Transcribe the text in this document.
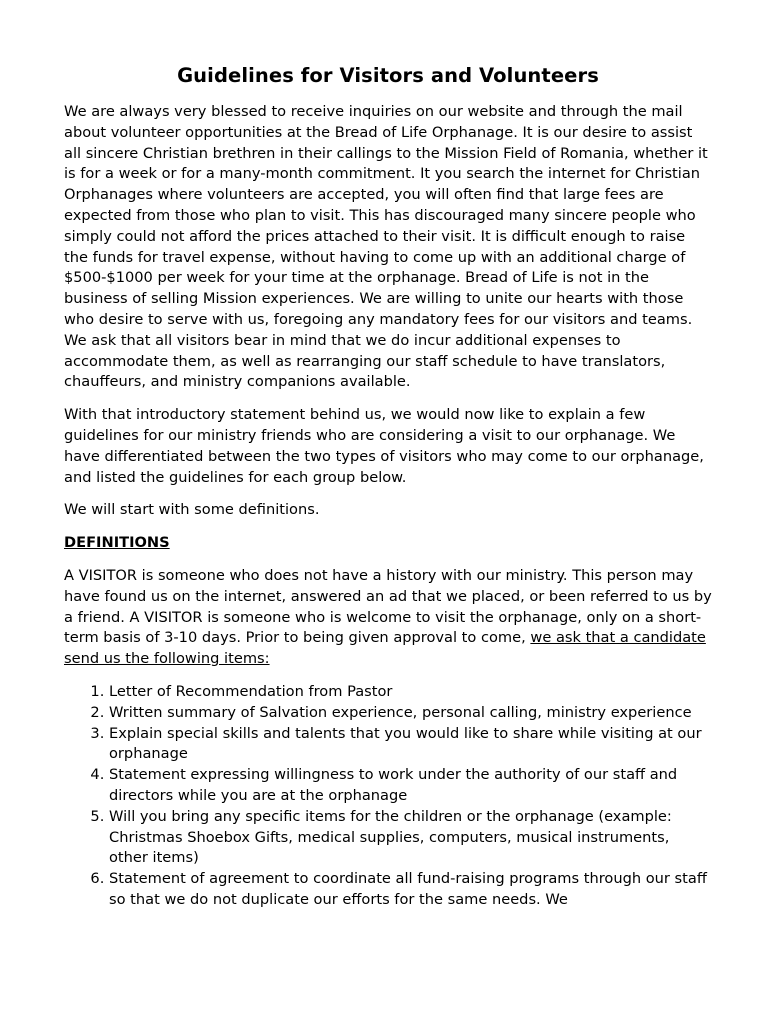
Guidelines for Visitors and Volunteers

We are always very blessed to receive inquiries on our website and through the mail about volunteer opportunities at the Bread of Life Orphanage. It is our desire to assist all sincere Christian brethren in their callings to the Mission Field of Romania, whether it is for a week or for a many-month commitment. It you search the internet for Christian Orphanages where volunteers are accepted, you will often find that large fees are expected from those who plan to visit. This has discouraged many sincere people who simply could not afford the prices attached to their visit. It is difficult enough to raise the funds for travel expense, without having to come up with an additional charge of $500-$1000 per week for your time at the orphanage. Bread of Life is not in the business of selling Mission experiences. We are willing to unite our hearts with those who desire to serve with us, foregoing any mandatory fees for our visitors and teams. We ask that all visitors bear in mind that we do incur additional expenses to accommodate them, as well as rearranging our staff schedule to have translators, chauffeurs, and ministry companions available.

With that introductory statement behind us, we would now like to explain a few guidelines for our ministry friends who are considering a visit to our orphanage. We have differentiated between the two types of visitors who may come to our orphanage, and listed the guidelines for each group below.

We will start with some definitions.

DEFINITIONS

A VISITOR is someone who does not have a history with our ministry. This person may have found us on the internet, answered an ad that we placed, or been referred to us by a friend. A VISITOR is someone who is welcome to visit the orphanage, only on a short-term basis of 3-10 days. Prior to being given approval to come, we ask that a candidate send us the following items:

1. Letter of Recommendation from Pastor
2. Written summary of Salvation experience, personal calling, ministry experience
3. Explain special skills and talents that you would like to share while visiting at our orphanage
4. Statement expressing willingness to work under the authority of our staff and directors while you are at the orphanage
5. Will you bring any specific items for the children or the orphanage (example: Christmas Shoebox Gifts, medical supplies, computers, musical instruments, other items)
6. Statement of agreement to coordinate all fund-raising programs through our staff so that we do not duplicate our efforts for the same needs. We
